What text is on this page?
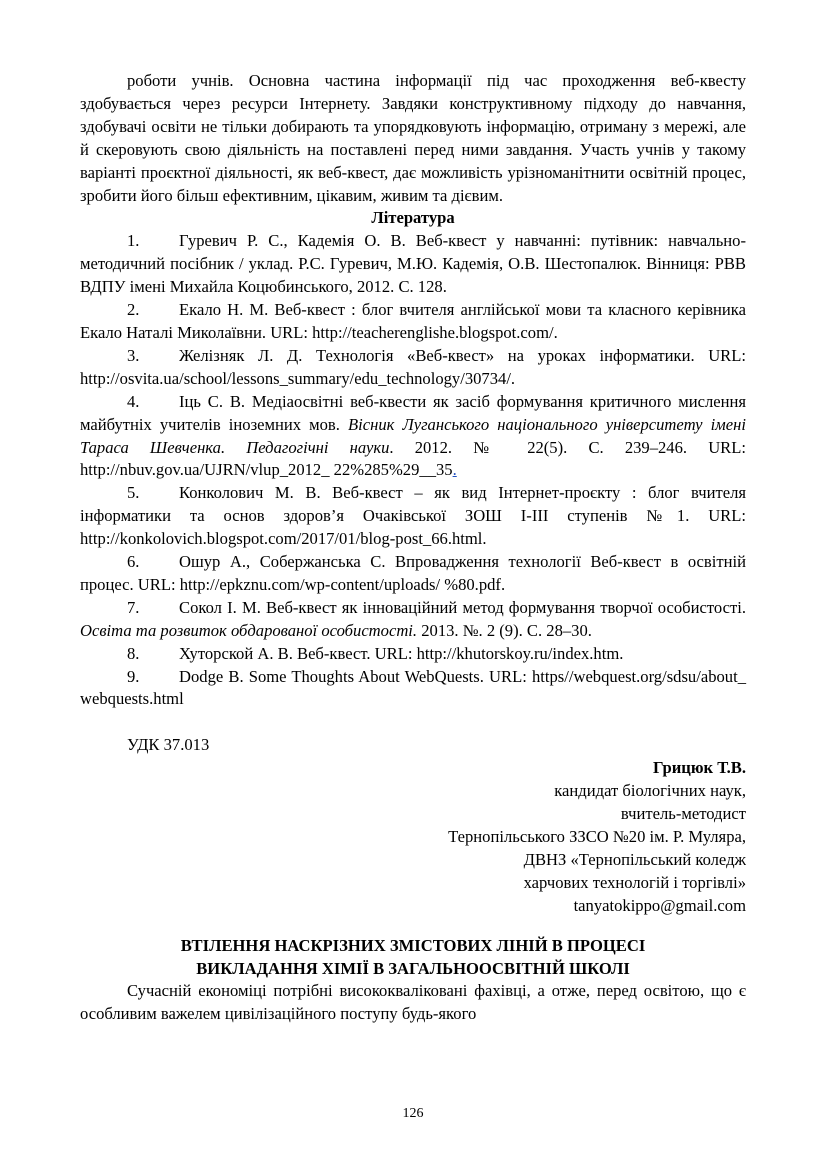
роботи учнів. Основна частина інформації під час проходження веб-квесту здобувається через ресурси Інтернету. Завдяки конструктивному підходу до навчання, здобувачі освіти не тільки добирають та упорядковують інформацію, отриману з мережі, але й скеровують свою діяльність на поставлені перед ними завдання. Участь учнів у такому варіанті проєктної діяльності, як веб-квест, дає можливість урізноманітнити освітній процес, зробити його більш ефективним, цікавим, живим та дієвим.

Література

1. Гуревич Р. С., Кадемія О. В. Веб-квест у навчанні: путівник: навчально-методичний посібник / уклад. Р.С. Гуревич, М.Ю. Кадемія, О.В. Шестопалюк. Вінниця: РВВ ВДПУ імені Михайла Коцюбинського, 2012. С. 128.

2. Екало Н. М. Веб-квест : блог вчителя англійської мови та класного керівника Екало Наталі Миколаївни. URL: http://teacherenglishe.blogspot.com/.

3. Желізняк Л. Д. Технологія «Веб-квест» на уроках інформатики. URL: http://osvita.ua/school/lessons_summary/edu_technology/30734/.

4. Іць С. В. Медіаосвітні веб-квести як засіб формування критичного мислення майбутніх учителів іноземних мов. Вісник Луганського національного університету імені Тараса Шевченка. Педагогічні науки. 2012. № 22(5). С. 239–246. URL: http://nbuv.gov.ua/UJRN/vlup_2012_ 22%285%29__35.

5. Конколович М. В. Веб-квест – як вид Інтернет-проєкту : блог вчителя інформатики та основ здоров’я Очаківської ЗОШ І-ІІІ ступенів №1. URL: http://konkolovich.blogspot.com/2017/01/blog-post_66.html.

6. Ошур А., Собержанська С. Впровадження технології Веб-квест в освітній процес. URL: http://epkznu.com/wp-content/uploads/ %80.pdf.

7. Сокол І. М. Веб-квест як інноваційний метод формування творчої особистості. Освіта та розвиток обдарованої особистості. 2013. №. 2 (9). С. 28–30.

8. Хуторской А. В. Веб-квест. URL: http://khutorskoy.ru/index.htm.

9. Dodge B. Some Thoughts About WebQuests. URL: https//webquest.org/sdsu/about_ webquests.html

УДК 37.013

Грицюк Т.В.
кандидат біологічних наук,
вчитель-методист
Тернопільського ЗЗСО №20 ім. Р. Муляра,
ДВНЗ «Тернопільський коледж
харчових технологій і торгівлі»
tanyatokippo@gmail.com
ВТІЛЕННЯ НАСКРІЗНИХ ЗМІСТОВИХ ЛІНІЙ В ПРОЦЕСІ
ВИКЛАДАННЯ ХІМІЇ В ЗАГАЛЬНООСВІТНІЙ ШКОЛІ

Сучасній економіці потрібні висококваліковані фахівці, а отже, перед освітою, що є особливим важелем цивілізаційного поступу будь-якого

126
